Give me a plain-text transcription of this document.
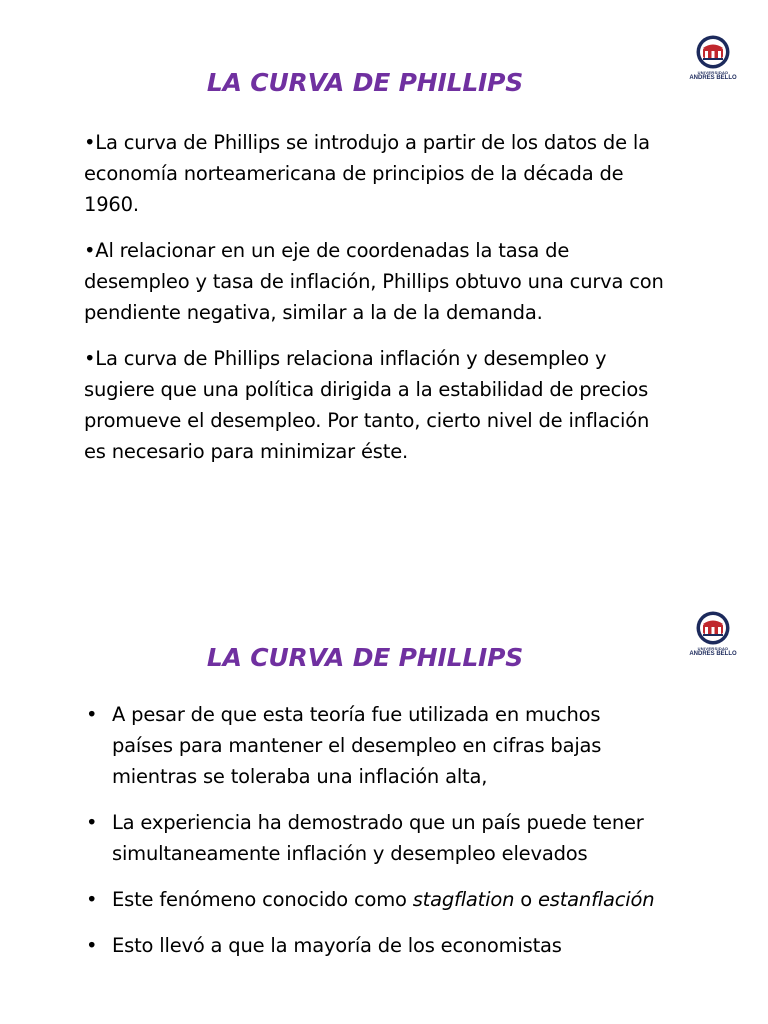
UNIVERSIDAD
ANDRES BELLO
LA CURVA DE PHILLIPS

•La curva de Phillips se introdujo a partir de los datos de la economía norteamericana de principios de la década de 1960.

•Al relacionar en un eje de coordenadas la tasa de desempleo y tasa de inflación, Phillips obtuvo una curva con pendiente negativa, similar a la de la demanda.

•La curva de Phillips relaciona inflación y desempleo y sugiere que una política dirigida a la estabilidad de precios promueve el desempleo. Por tanto, cierto nivel de inflación es necesario para minimizar éste.

UNIVERSIDAD
ANDRES BELLO
LA CURVA DE PHILLIPS
• A pesar de que esta teoría fue utilizada en muchos países para mantener el desempleo en cifras bajas mientras se toleraba una inflación alta,
• La experiencia ha demostrado que un país puede tener simultaneamente inflación y desempleo elevados
• Este fenómeno conocido como stagflation o estanflación
• Esto llevó a que la mayoría de los economistas
